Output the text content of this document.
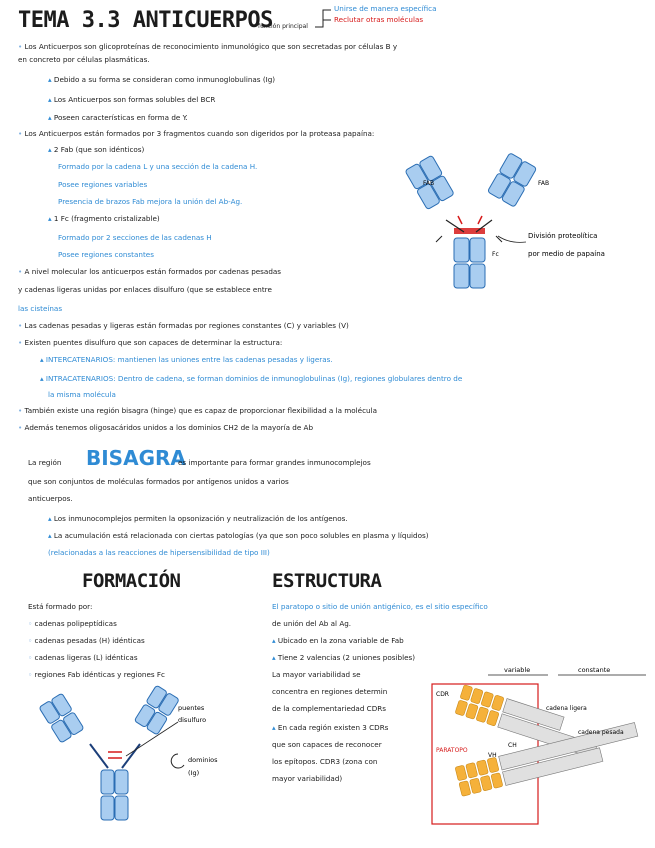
TEMA 3.3 ANTICUERPOS
función principal
Unirse de manera específica
Reclutar otras moléculas
• Los Anticuerpos son glicoproteínas de reconocimiento inmunológico que son secretadas por células B y
en concreto por células plasmáticas.
▴ Debido a su forma se consideran como inmunoglobulinas (Ig)
▴ Los Anticuerpos son formas solubles del BCR
▴ Poseen características en forma de Y.
• Los Anticuerpos están formados por 3 fragmentos cuando son digeridos por la proteasa papaína:
▴ 2 Fab (que son idénticos)
Formado por la cadena L y una sección de la cadena H.
Posee regiones variables
Presencia de brazos Fab mejora la unión del Ab-Ag.
▴ 1 Fc (fragmento cristalizable)
Formado por 2 secciones de las cadenas H
Posee regiones constantes
FAB	FAB
Fc
División proteolítica
por medio de papaína
• A nivel molecular los anticuerpos están formados por cadenas pesadas
y cadenas ligeras unidas por enlaces disulfuro (que se establece entre
las cisteínas
• Las cadenas pesadas y ligeras están formadas por regiones constantes (C) y variables (V)
• Existen puentes disulfuro que son capaces de determinar la estructura:
▴ INTERCATENARIOS: mantienen las uniones entre las cadenas pesadas y ligeras.
▴ INTRACATENARIOS: Dentro de cadena, se forman dominios de inmunoglobulinas (Ig), regiones globulares dentro de
la misma molécula
• También existe una región bisagra (hinge) que es capaz de proporcionar flexibilidad a la molécula
• Además tenemos oligosacáridos unidos a los dominios CH2 de la mayoría de Ab
La región BISAGRA
es importante para formar grandes inmunocomplejos
que son conjuntos de moléculas formados por antígenos unidos a varios
anticuerpos.
▴ Los inmunocomplejos permiten la opsonización y neutralización de los antígenos.
▴ La acumulación está relacionada con ciertas patologías (ya que son poco solubles en plasma y líquidos)
(relacionadas a las reacciones de hipersensibilidad de tipo III)
FORMACIÓN
Está formado por:
◦ cadenas polipeptídicas
◦ cadenas pesadas (H) idénticas
◦ cadenas ligeras (L) idénticas
◦ regiones Fab idénticas y regiones Fc
puentes
disulfuro
dominios
(Ig)
ESTRUCTURA
El paratopo o sitio de unión antigénico, es el sitio específico
de unión del Ab al Ag.
▴ Ubicado en la zona variable de Fab
▴ Tiene 2 valencias (2 uniones posibles)
La mayor variabilidad se
concentra en regiones determin
de la complementariedad CDRs
▴ En cada región existen 3 CDRs
que son capaces de reconocer
los epítopos. CDR3 (zona con
mayor variabilidad)
variable	constante
CDR
PARATOPO
cadena ligera
cadena pesada
VH
CH
